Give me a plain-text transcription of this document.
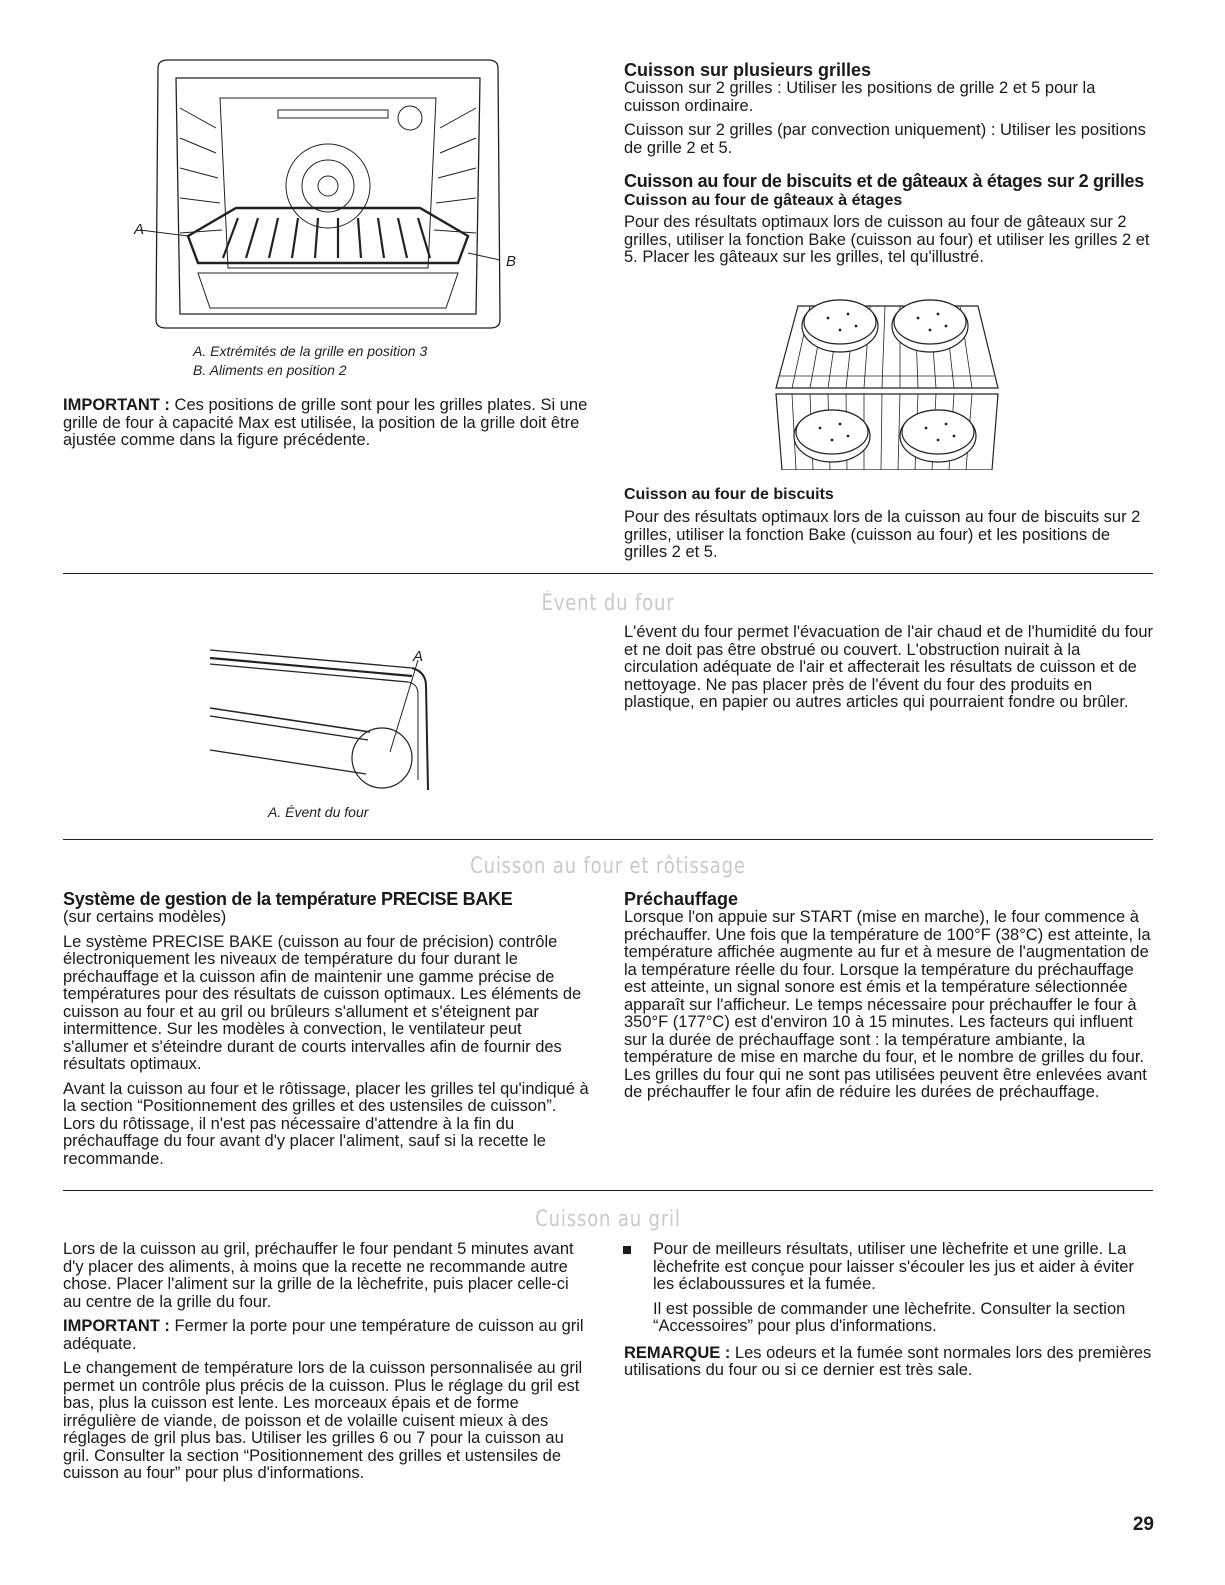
A
B
A. Extrémités de la grille en position 3
B. Aliments en position 2

IMPORTANT : Ces positions de grille sont pour les grilles plates. Si une grille de four à capacité Max est utilisée, la position de la grille doit être ajustée comme dans la figure précédente.

Cuisson sur plusieurs grilles

Cuisson sur 2 grilles : Utiliser les positions de grille 2 et 5 pour la cuisson ordinaire.

Cuisson sur 2 grilles (par convection uniquement) : Utiliser les positions de grille 2 et 5.

Cuisson au four de biscuits et de gâteaux à étages sur 2 grilles
Cuisson au four de gâteaux à étages

Pour des résultats optimaux lors de cuisson au four de gâteaux sur 2 grilles, utiliser la fonction Bake (cuisson au four) et utiliser les grilles 2 et 5. Placer les gâteaux sur les grilles, tel qu'illustré.

Cuisson au four de biscuits

Pour des résultats optimaux lors de la cuisson au four de biscuits sur 2 grilles, utiliser la fonction Bake (cuisson au four) et les positions de grilles 2 et 5.

Évent du four
A
A. Évent du four

L'évent du four permet l'évacuation de l'air chaud et de l'humidité du four et ne doit pas être obstrué ou couvert. L'obstruction nuirait à la circulation adéquate de l'air et affecterait les résultats de cuisson et de nettoyage. Ne pas placer près de l'évent du four des produits en plastique, en papier ou autres articles qui pourraient fondre ou brûler.

Cuisson au four et rôtissage
Système de gestion de la température PRECISE BAKE

(sur certains modèles)

Le système PRECISE BAKE (cuisson au four de précision) contrôle électroniquement les niveaux de température du four durant le préchauffage et la cuisson afin de maintenir une gamme précise de températures pour des résultats de cuisson optimaux. Les éléments de cuisson au four et au gril ou brûleurs s'allument et s'éteignent par intermittence. Sur les modèles à convection, le ventilateur peut s'allumer et s'éteindre durant de courts intervalles afin de fournir des résultats optimaux.

Avant la cuisson au four et le rôtissage, placer les grilles tel qu'indiqué à la section “Positionnement des grilles et des ustensiles de cuisson”. Lors du rôtissage, il n'est pas nécessaire d'attendre à la fin du préchauffage du four avant d'y placer l'aliment, sauf si la recette le recommande.

Préchauffage

Lorsque l'on appuie sur START (mise en marche), le four commence à préchauffer. Une fois que la température de 100°F (38°C) est atteinte, la température affichée augmente au fur et à mesure de l'augmentation de la température réelle du four. Lorsque la température du préchauffage est atteinte, un signal sonore est émis et la température sélectionnée apparaît sur l'afficheur. Le temps nécessaire pour préchauffer le four à 350°F (177°C) est d'environ 10 à 15 minutes. Les facteurs qui influent sur la durée de préchauffage sont : la température ambiante, la température de mise en marche du four, et le nombre de grilles du four. Les grilles du four qui ne sont pas utilisées peuvent être enlevées avant de préchauffer le four afin de réduire les durées de préchauffage.

Cuisson au gril

Lors de la cuisson au gril, préchauffer le four pendant 5 minutes avant d'y placer des aliments, à moins que la recette ne recommande autre chose. Placer l'aliment sur la grille de la lèchefrite, puis placer celle-ci au centre de la grille du four.

IMPORTANT : Fermer la porte pour une température de cuisson au gril adéquate.

Le changement de température lors de la cuisson personnalisée au gril permet un contrôle plus précis de la cuisson. Plus le réglage du gril est bas, plus la cuisson est lente. Les morceaux épais et de forme irrégulière de viande, de poisson et de volaille cuisent mieux à des réglages de gril plus bas. Utiliser les grilles 6 ou 7 pour la cuisson au gril. Consulter la section “Positionnement des grilles et ustensiles de cuisson au four” pour plus d'informations.

Pour de meilleurs résultats, utiliser une lèchefrite et une grille. La lèchefrite est conçue pour laisser s'écouler les jus et aider à éviter les éclaboussures et la fumée.

Il est possible de commander une lèchefrite. Consulter la section “Accessoires” pour plus d'informations.

REMARQUE : Les odeurs et la fumée sont normales lors des premières utilisations du four ou si ce dernier est très sale.

29
